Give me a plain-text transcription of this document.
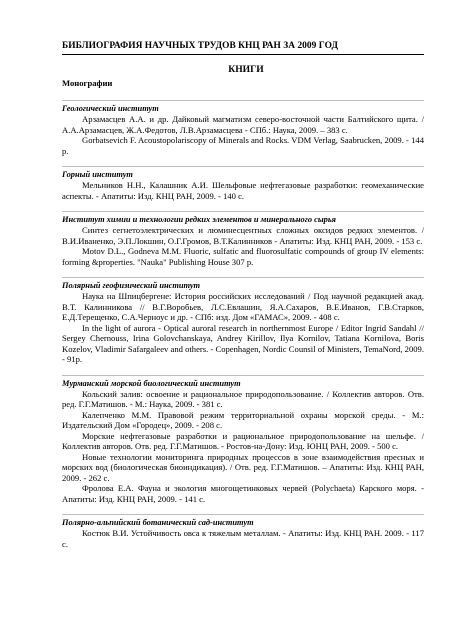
БИБЛИОГРАФИЯ НАУЧНЫХ ТРУДОВ КНЦ РАН ЗА 2009 ГОД
КНИГИ
Монографии
Геологический институт

Арзамасцев А.А. и др. Дайковый магматизм северо-восточной части Балтийского щита. / А.А.Арзамасцев, Ж.А.Федотов, Л.В.Арзамасцева - СПб.: Наука, 2009. – 383 с.

Gorbatsevich F. Acoustopolariscopy of Minerals and Rocks. VDM Verlag, Saabrucken, 2009. - 144 p.

Горный институт

Мельников Н.Н., Калашник А.И. Шельфовые нефтегазовые разработки: геомеханические аспекты. - Апатиты: Изд. КНЦ РАН, 2009. - 140 с.

Институт химии и технологии редких элементов и минерального сырья

Синтез сегнетоэлектрических и люминесцентных сложных оксидов редких элементов. / В.И.Иваненко, Э.П.Локшин, О.Г.Громов, В.Т.Калинников - Апатиты: Изд. КНЦ РАН, 2009. - 153 с.

Motov D.L., Godneva M.M. Fluoric, sulfatic and fluorosulfatic compounds of group IV elements: forming &properties. "Nauka" Publishing House 307 p.

Полярный геофизический институт

Наука на Шпицбергене: История российских исследований / Под научной редакцией акад. В.Т. Калинникова // В.Г.Воробьев, Л.С.Евлашин, Я.А.Сахаров, В.Е.Иванов, Г.В.Старков, Е.Д.Терещенко, С.А.Черноус и др. - СПб: изд. Дом «ГАМАС», 2009. - 408 с.

In the light of aurora - Optical auroral research in northernmost Europe / Editor Ingrid Sandahl // Sergey Chernouss, Irina Golovchanskaya, Andrey Kirillov, Ilya Kornilov, Tatiana Kornilova, Boris Kozelov, Vladimir Safargaleev and others. - Copenhagen, Nordic Counsil of Ministers, TemaNord, 2009. - 91p.

Мурманский морской биологический институт

Кольский залив: освоение и рациональное природопользование. / Коллектив авторов. Отв. ред. Г.Г.Матишов. - М.: Наука, 2009. - 381 с.

Калепченко М.М. Правовой режим территориальной охраны морской среды. - М.: Издательский Дом «Городец», 2009. - 208 с.

Морские нефтегазовые разработки и рациональное природопользование на шельфе. / Коллектив авторов. Отв. ред. Г.Г.Матишов. - Ростов-на-Дону: Изд. ЮНЦ РАН, 2009. - 500 с.

Новые технологии мониторинга природных процессов в зоне взаимодействия пресных и морских вод (биологическая биоиндикация). / Отв. ред. Г.Г.Матишов. – Апатиты: Изд. КНЦ РАН, 2009. - 262 с.

Фролова Е.А. Фауна и экология многощетинковых червей (Polychaeta) Карского моря. - Апатиты: Изд. КНЦ РАН, 2009. - 141 с.

Полярно-альпийский ботанический сад-институт

Костюк В.И. Устойчивость овса к тяжелым металлам. - Апатиты: Изд. КНЦ РАН. 2009. - 117 с.
